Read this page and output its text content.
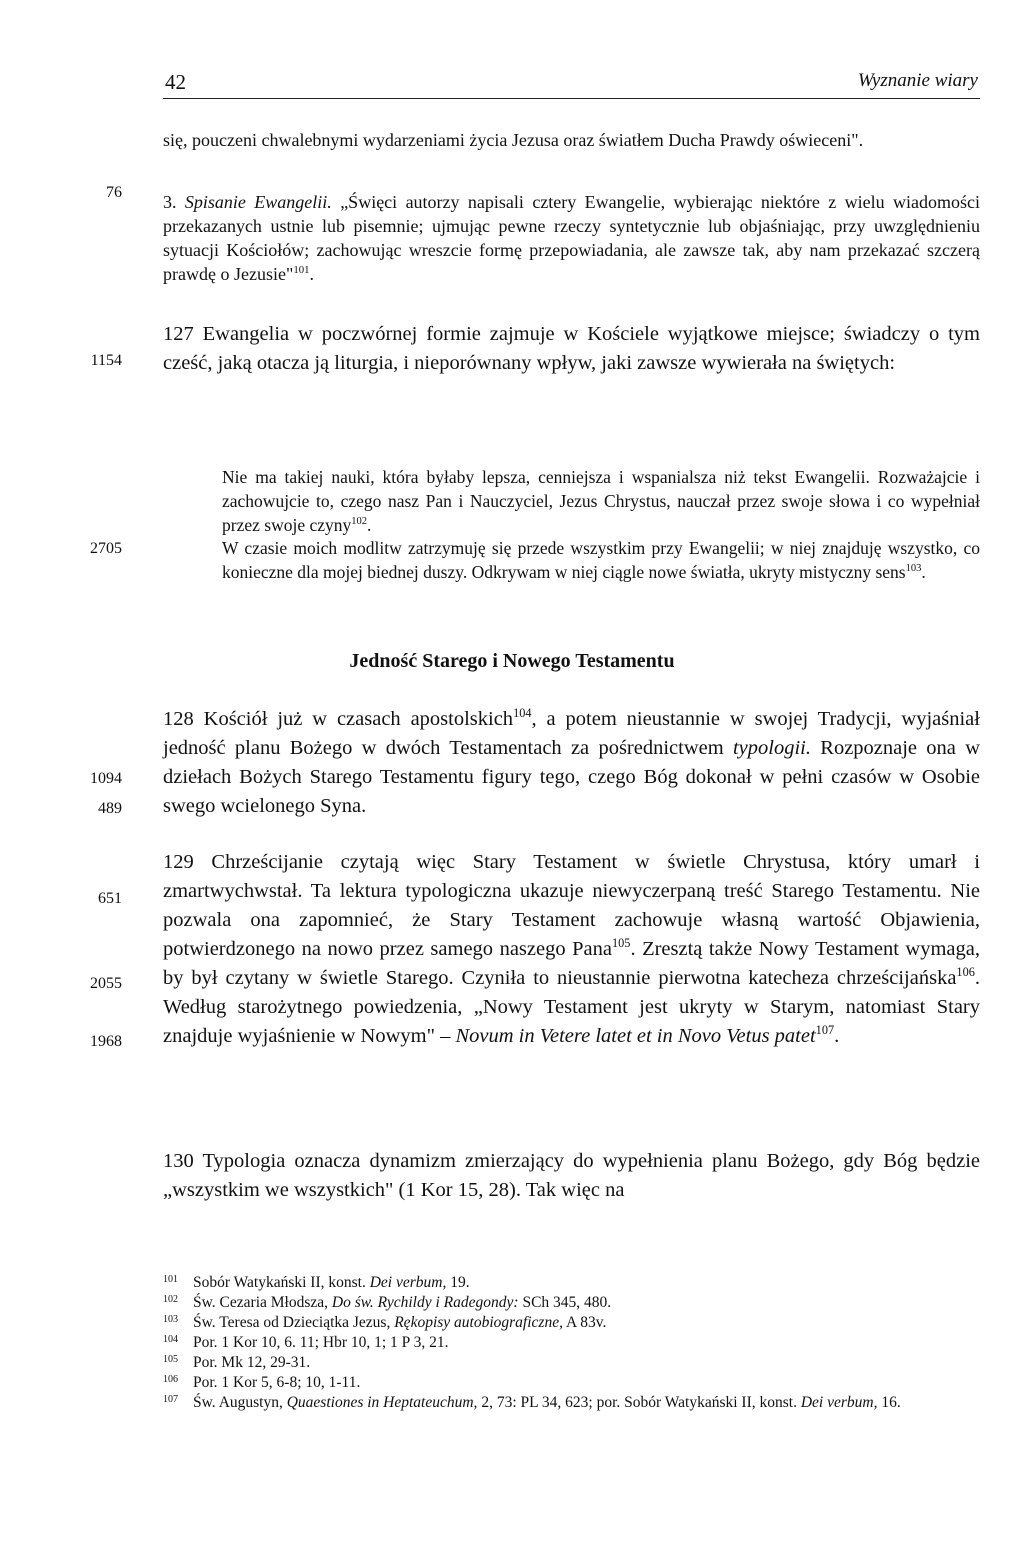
42	Wyznanie wiary
76
1154
2705
1094
489
651
2055
1968
się, pouczeni chwalebnymi wydarzeniami życia Jezusa oraz światłem Ducha Prawdy oświeceni".
3. Spisanie Ewangelii. „Święci autorzy napisali cztery Ewangelie, wybierając niektóre z wielu wiadomości przekazanych ustnie lub pisemnie; ujmując pewne rzeczy syntetycznie lub objaśniając, przy uwzględnieniu sytuacji Kościołów; zachowując wreszcie formę przepowiadania, ale zawsze tak, aby nam przekazać szczerą prawdę o Jezusie"$^{101}$.
127 Ewangelia w poczwórnej formie zajmuje w Kościele wyjątkowe miejsce; świadczy o tym cześć, jaką otacza ją liturgia, i nieporównany wpływ, jaki zawsze wywierała na świętych:
Nie ma takiej nauki, która byłaby lepsza, cenniejsza i wspanialsza niż tekst Ewangelii. Rozważajcie i zachowujcie to, czego nasz Pan i Nauczyciel, Jezus Chrystus, nauczał przez swoje słowa i co wypełniał przez swoje czyny$^{102}$.
W czasie moich modlitw zatrzymuję się przede wszystkim przy Ewangelii; w niej znajduję wszystko, co konieczne dla mojej biednej duszy. Odkrywam w niej ciągle nowe światła, ukryty mistyczny sens$^{103}$.
Jedność Starego i Nowego Testamentu
128 Kościół już w czasach apostolskich$^{104}$, a potem nieustannie w swojej Tradycji, wyjaśniał jedność planu Bożego w dwóch Testamentach za pośrednictwem typologii. Rozpoznaje ona w dziełach Bożych Starego Testamentu figury tego, czego Bóg dokonał w pełni czasów w Osobie swego wcielonego Syna.
129 Chrześcijanie czytają więc Stary Testament w świetle Chrystusa, który umarł i zmartwychwstał. Ta lektura typologiczna ukazuje niewyczerpaną treść Starego Testamentu. Nie pozwala ona zapomnieć, że Stary Testament zachowuje własną wartość Objawienia, potwierdzonego na nowo przez samego naszego Pana$^{105}$. Zresztą także Nowy Testament wymaga, by był czytany w świetle Starego. Czyniła to nieustannie pierwotna katecheza chrześcijańska$^{106}$. Według starożytnego powiedzenia, „Nowy Testament jest ukryty w Starym, natomiast Stary znajduje wyjaśnienie w Nowym" – Novum in Vetere latet et in Novo Vetus patet$^{107}$.
130 Typologia oznacza dynamizm zmierzający do wypełnienia planu Bożego, gdy Bóg będzie „wszystkim we wszystkich" (1 Kor 15, 28). Tak więc na
101 Sobór Watykański II, konst. Dei verbum, 19.
102 Św. Cezaria Młodsza, Do św. Rychildy i Radegondy: SCh 345, 480.
103 Św. Teresa od Dzieciątka Jezus, Rękopisy autobiograficzne, A 83v.
104 Por. 1 Kor 10, 6. 11; Hbr 10, 1; 1 P 3, 21.
105 Por. Mk 12, 29-31.
106 Por. 1 Kor 5, 6-8; 10, 1-11.
107 Św. Augustyn, Quaestiones in Heptateuchum, 2, 73: PL 34, 623; por. Sobór Watykański II, konst. Dei verbum, 16.
